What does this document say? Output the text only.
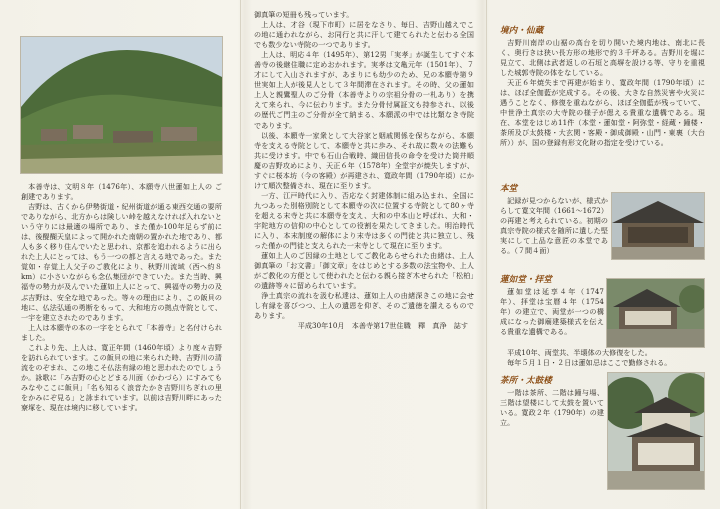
本善寺は、文明８年（1476年）、本願寺八世蓮如上人の ご創建であります。

吉野は、古くから伊勢街道・紀州街道が通る東西交通の要所でありながら、北方からは険しい峠を越えなければ入れないという守りには最適の場所であり、また僅か100年足らず前には、後醍醐天皇によって開かれた南朝の置かれた地であり、都人も多く移り住んでいたと思われ、京都を追われるように出られた上人にとっては、もう一つの都と言える地であった。また覚如・存覚上人父子のご教化により、秋野川流域（西へ約８km）に小さいながらも念仏集団ができていた。また当時、興福寺の勢力が及んでいた蓮如上人にとって、興福寺の勢力の及ぶ吉野は、安全な地であった。等々の理由により、この飯貝の地に、仏法弘通の勇断をもって、大和地方の拠点寺院として、一宇を建立されたのであります。

上人は本願寺の本の一字をとられて「本善寺」と名付けられました。

これより先、上人は、寛正年間（1460年頃）より度々吉野を訪れられています。この飯貝の地に来られた時、吉野川の清流をのぞまれ、この地こそ仏法有縁の地と思われたのでしょうか。詠歌に「み吉野の心とどまる川面（かわづら）にすみてもみなやここに飯貝」「名も知るく浪音たかき吉野川ちぎれの里をかみにぞ見る」と詠まれています。以前は吉野川畔にあった寮塚を、現在は境内に移しています。

御真筆の短冊も残っています。

上人は、才谷（現下市町）に居をなさり、毎日、吉野山越えでこの地に通われながら、お同行と共に汗して建てられたと伝わる全国でも数少ない寺院の一つであります。

上人は、明応４年（1495年）、第12男「実孝」が誕生してすぐ本善寺の後継住職に定めおかれます。実孝は文亀元年（1501年）、７才にして入山されますが、あまりにも幼少のため、兄の本願寺第９世実如上人が後見人として３年間滞在されます。その時、父の蓮如上人と親鸞聖人のご分骨（本善寺よりの宗祖分骨の一札あり）を携えて来られ、今に伝わります。また分骨付属証文も持参され、以後の歴代ご門主のご分骨が全て納まる、本願派の中では比類なき寺院であります。

以後、本願寺一家衆として大谷家と姻戚関係を保ちながら、本願寺を支える寺院として、本願寺と共に歩み、それ故に数々の法難も共に受けます。中でも石山合戦時、織田信長の命令を受けた筒井順慶の吉野攻めにより、天正６年（1578年）全堂宇が焼失しますが、すぐに桜本坊（今の客殿）が再建され、寛政年間（1790年頃）にかけて順次整備され、現在に至ります。

一方、江戸時代に入り、否応なく封建体制に組み込まれ、全国に九つあった別格別院として本願寺の次に位置する寺院として80ヶ寺を超える末寺と共に本願寺を支え、大和の中本山と呼ばれ、大和・宇陀地方の信仰の中心としての役割を果たしてきました。明治時代に入り、本末制度の解体により末寺は多くの門徒と共に独立し、残った僅かの門徒と支えられた一末寺として現在に至ります。

蓮如上人のご因縁の土地としてご教化あらせられた由緒は、上人御真筆の「お文書」「御文章」をはじめとする多数の法宝物や、上人がご教化の方便として使われたと伝わる親ら接ぎ木せられた「松柏」の遺跡等々に留められています。

浄土真宗の流れを汲む私達は、蓮如上人の由緒深きこの地に会せし有縁を喜びつつ、上人の遺恩を仰ぎ、そのご遺徳を讃えるものであります。

平成30年10月　本善寺第17世住職　釋　真浄　誌す

境内・仙蔵

吉野川南岸の山裾の高台を切り開いた境内地は、南北に長く、奥行きは狭い長方形の地形で約３千坪ある。吉野川を堀に見立て、北側は武者返しの石垣と高塀を設ける等、守りを重視した城郭寺院の体をなしている。

天正６年焼失まで再建が始まり、寛政年間（1790年頃）には、ほぼ全伽藍が完成する。その後、大きな自然災害や火災に遇うことなく、修復を重ねながら、ほぼ全伽藍が残っていて、中世浄土真宗の大寺院の様子が偲える貴重な遺構である。現在、本堂をはじめ11件（本堂・蓮如堂・阿弥堂・経蔵・鐘楼・茶所及び太鼓楼・大玄関・客殿・御成御殿・山門・東裏（大台所））が、国の登録有形文化財の指定を受けている。

本堂

記録が見つからないが、様式からして寛文年間（1661～1672）の再建と考えられている。初期の真宗寺院の様式を随所に遺した堅実にして上品な意匠の本堂である。（７間４面）

蓮如堂・拝堂

蓮如堂は延享４年（1747年）、拝堂は宝暦４年（1754年）の建立で、両堂が一つの構成になった御廟建築様式を伝える貴重な遺構である。

平成10年、両堂共、半壊体の大修復をした。

毎年５月１日・２日は蓮如忌はここで勤修される。

茶所・太鼓楼

一階は茶所、二階は鐘与場、三階は望楼にして太鼓を置いている。寛政２年（1790年）の建立。
